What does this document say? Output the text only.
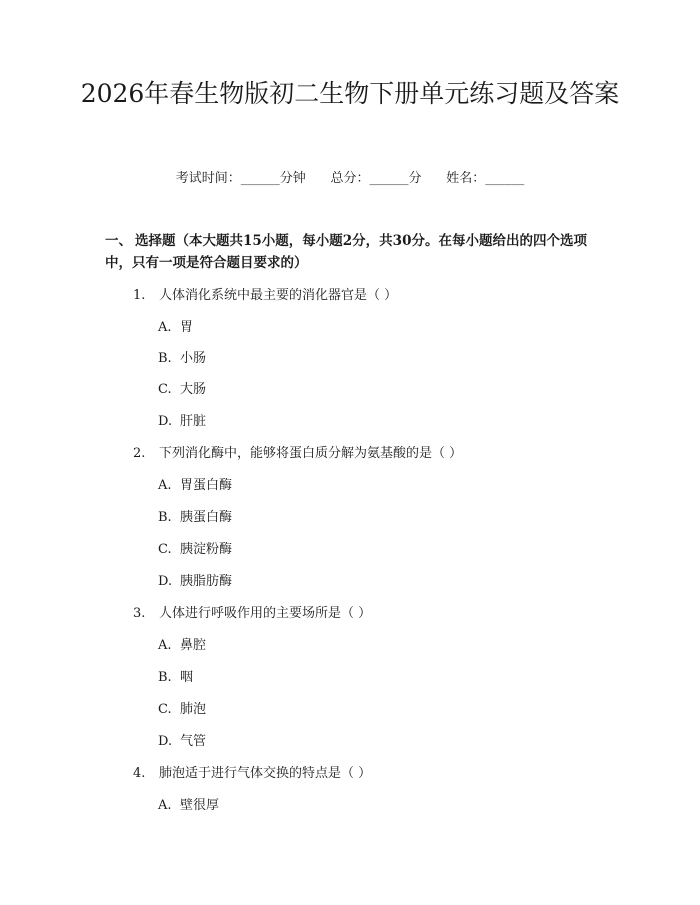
2026年春生物版初二生物下册单元练习题及答案
考试时间：______分钟      总分：______分      姓名：______
一、 选择题（本大题共15小题，每小题2分，共30分。在每小题给出的四个选项中，只有一项是符合题目要求的）
1. 人体消化系统中最主要的消化器官是（ ）
A. 胃
B. 小肠
C. 大肠
D. 肝脏
2. 下列消化酶中，能够将蛋白质分解为氨基酸的是（ ）
A. 胃蛋白酶
B. 胰蛋白酶
C. 胰淀粉酶
D. 胰脂肪酶
3. 人体进行呼吸作用的主要场所是（ ）
A. 鼻腔
B. 咽
C. 肺泡
D. 气管
4. 肺泡适于进行气体交换的特点是（ ）
A. 壁很厚
